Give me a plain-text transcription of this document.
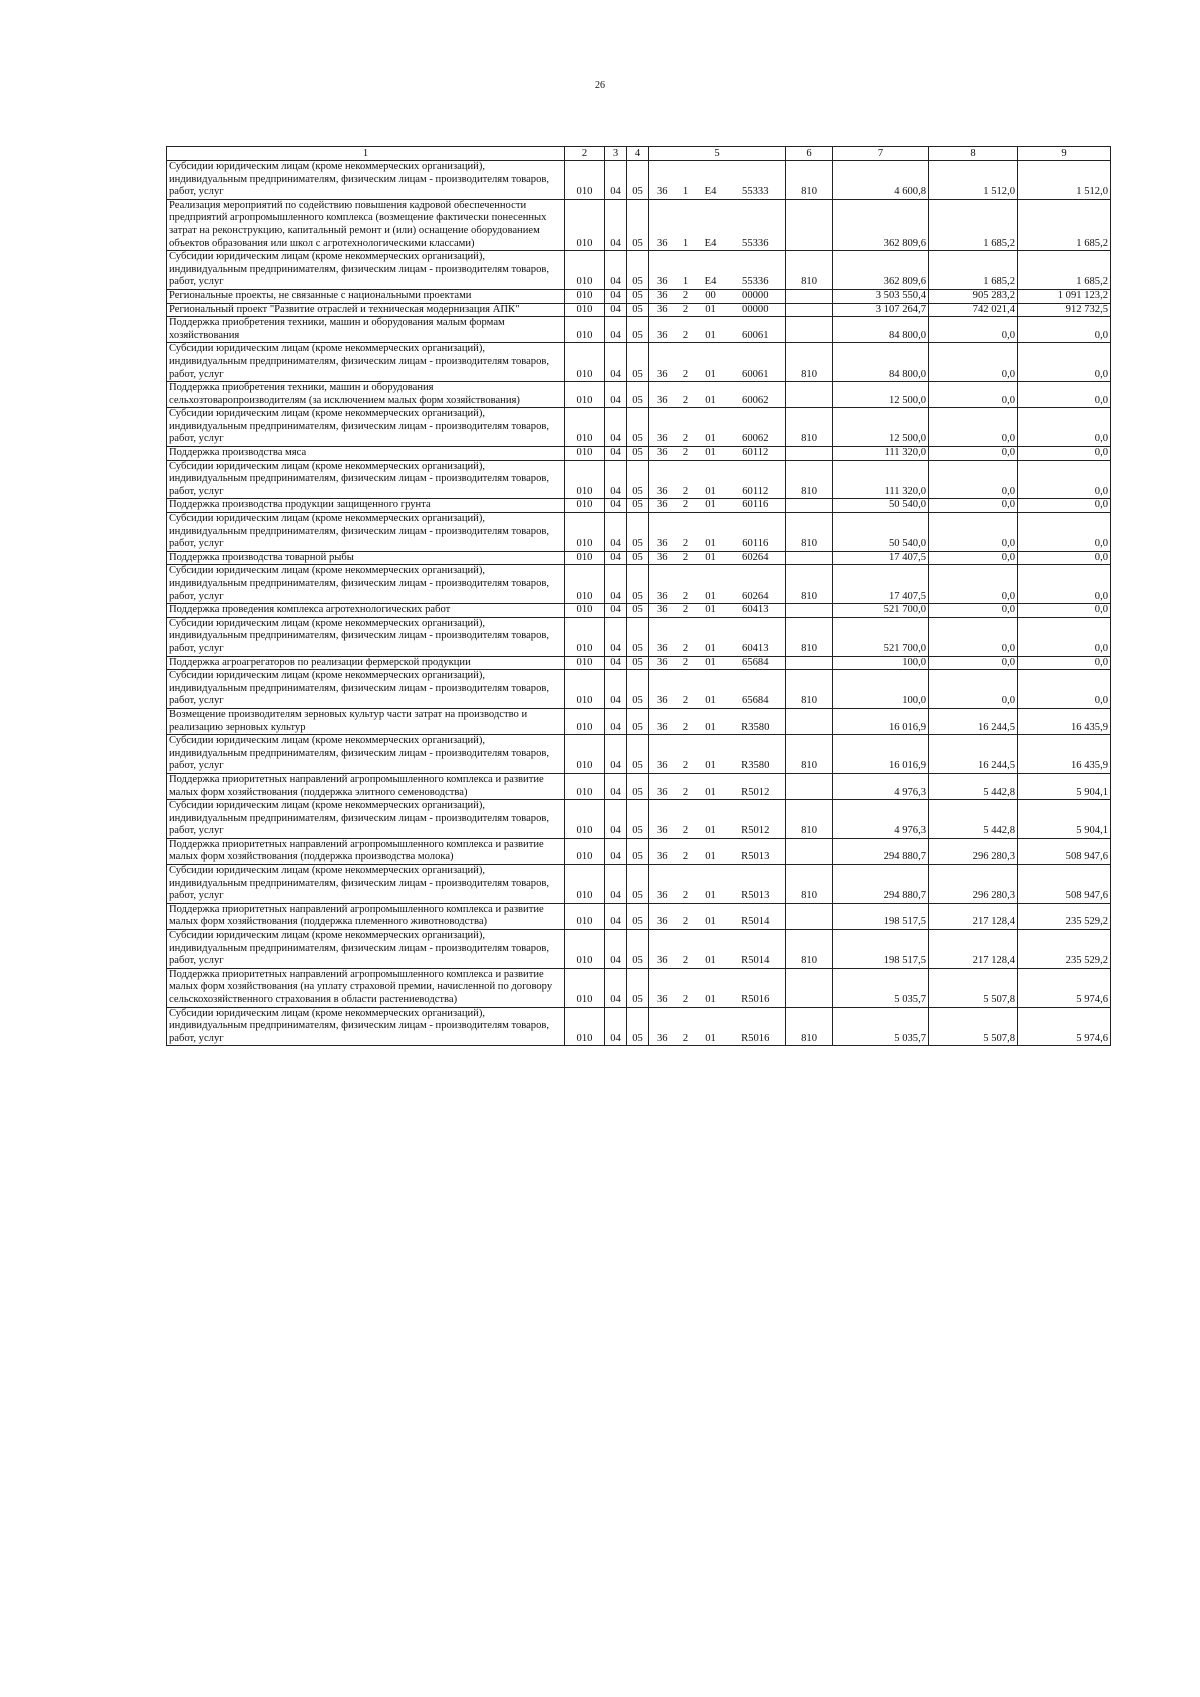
26
1	2	3	4	5				6	7	8	9
Субсидии юридическим лицам (кроме некоммерческих организаций), индивидуальным предпринимателям, физическим лицам - производителям товаров, работ, услуг	010	04	05	36	1	E4	55333	810	4 600,8	1 512,0	1 512,0
Реализация мероприятий по содействию повышения кадровой обеспеченности предприятий агропромышленного комплекса (возмещение фактически понесенных затрат на реконструкцию, капитальный ремонт и (или) оснащение оборудованием объектов образования или школ с агротехнологическими классами)	010	04	05	36	1	E4	55336		362 809,6	1 685,2	1 685,2
Субсидии юридическим лицам (кроме некоммерческих организаций), индивидуальным предпринимателям, физическим лицам - производителям товаров, работ, услуг	010	04	05	36	1	E4	55336	810	362 809,6	1 685,2	1 685,2
Региональные проекты, не связанные с национальными проектами	010	04	05	36	2	00	00000		3 503 550,4	905 283,2	1 091 123,2
Региональный проект "Развитие отраслей и техническая модернизация АПК"	010	04	05	36	2	01	00000		3 107 264,7	742 021,4	912 732,5
Поддержка приобретения техники, машин и оборудования малым формам хозяйствования	010	04	05	36	2	01	60061		84 800,0	0,0	0,0
Субсидии юридическим лицам (кроме некоммерческих организаций), индивидуальным предпринимателям, физическим лицам - производителям товаров, работ, услуг	010	04	05	36	2	01	60061	810	84 800,0	0,0	0,0
Поддержка приобретения техники, машин и оборудования сельхозтоваропроизводителям (за исключением малых форм хозяйствования)	010	04	05	36	2	01	60062		12 500,0	0,0	0,0
Субсидии юридическим лицам (кроме некоммерческих организаций), индивидуальным предпринимателям, физическим лицам - производителям товаров, работ, услуг	010	04	05	36	2	01	60062	810	12 500,0	0,0	0,0
Поддержка производства мяса	010	04	05	36	2	01	60112		111 320,0	0,0	0,0
Субсидии юридическим лицам (кроме некоммерческих организаций), индивидуальным предпринимателям, физическим лицам - производителям товаров, работ, услуг	010	04	05	36	2	01	60112	810	111 320,0	0,0	0,0
Поддержка производства продукции защищенного грунта	010	04	05	36	2	01	60116		50 540,0	0,0	0,0
Субсидии юридическим лицам (кроме некоммерческих организаций), индивидуальным предпринимателям, физическим лицам - производителям товаров, работ, услуг	010	04	05	36	2	01	60116	810	50 540,0	0,0	0,0
Поддержка производства товарной рыбы	010	04	05	36	2	01	60264		17 407,5	0,0	0,0
Субсидии юридическим лицам (кроме некоммерческих организаций), индивидуальным предпринимателям, физическим лицам - производителям товаров, работ, услуг	010	04	05	36	2	01	60264	810	17 407,5	0,0	0,0
Поддержка проведения комплекса агротехнологических работ	010	04	05	36	2	01	60413		521 700,0	0,0	0,0
Субсидии юридическим лицам (кроме некоммерческих организаций), индивидуальным предпринимателям, физическим лицам - производителям товаров, работ, услуг	010	04	05	36	2	01	60413	810	521 700,0	0,0	0,0
Поддержка агроагрегаторов по реализации фермерской продукции	010	04	05	36	2	01	65684		100,0	0,0	0,0
Субсидии юридическим лицам (кроме некоммерческих организаций), индивидуальным предпринимателям, физическим лицам - производителям товаров, работ, услуг	010	04	05	36	2	01	65684	810	100,0	0,0	0,0
Возмещение производителям зерновых культур части затрат на производство и реализацию зерновых культур	010	04	05	36	2	01	R3580		16 016,9	16 244,5	16 435,9
Субсидии юридическим лицам (кроме некоммерческих организаций), индивидуальным предпринимателям, физическим лицам - производителям товаров, работ, услуг	010	04	05	36	2	01	R3580	810	16 016,9	16 244,5	16 435,9
Поддержка приоритетных направлений агропромышленного комплекса и развитие малых форм хозяйствования (поддержка элитного семеноводства)	010	04	05	36	2	01	R5012		4 976,3	5 442,8	5 904,1
Субсидии юридическим лицам (кроме некоммерческих организаций), индивидуальным предпринимателям, физическим лицам - производителям товаров, работ, услуг	010	04	05	36	2	01	R5012	810	4 976,3	5 442,8	5 904,1
Поддержка приоритетных направлений агропромышленного комплекса и развитие малых форм хозяйствования (поддержка производства молока)	010	04	05	36	2	01	R5013		294 880,7	296 280,3	508 947,6
Субсидии юридическим лицам (кроме некоммерческих организаций), индивидуальным предпринимателям, физическим лицам - производителям товаров, работ, услуг	010	04	05	36	2	01	R5013	810	294 880,7	296 280,3	508 947,6
Поддержка приоритетных направлений агропромышленного комплекса и развитие малых форм хозяйствования (поддержка племенного животноводства)	010	04	05	36	2	01	R5014		198 517,5	217 128,4	235 529,2
Субсидии юридическим лицам (кроме некоммерческих организаций), индивидуальным предпринимателям, физическим лицам - производителям товаров, работ, услуг	010	04	05	36	2	01	R5014	810	198 517,5	217 128,4	235 529,2
Поддержка приоритетных направлений агропромышленного комплекса и развитие малых форм хозяйствования (на уплату страховой премии, начисленной по договору сельскохозяйственного страхования в области растениеводства)	010	04	05	36	2	01	R5016		5 035,7	5 507,8	5 974,6
Субсидии юридическим лицам (кроме некоммерческих организаций), индивидуальным предпринимателям, физическим лицам - производителям товаров, работ, услуг	010	04	05	36	2	01	R5016	810	5 035,7	5 507,8	5 974,6
